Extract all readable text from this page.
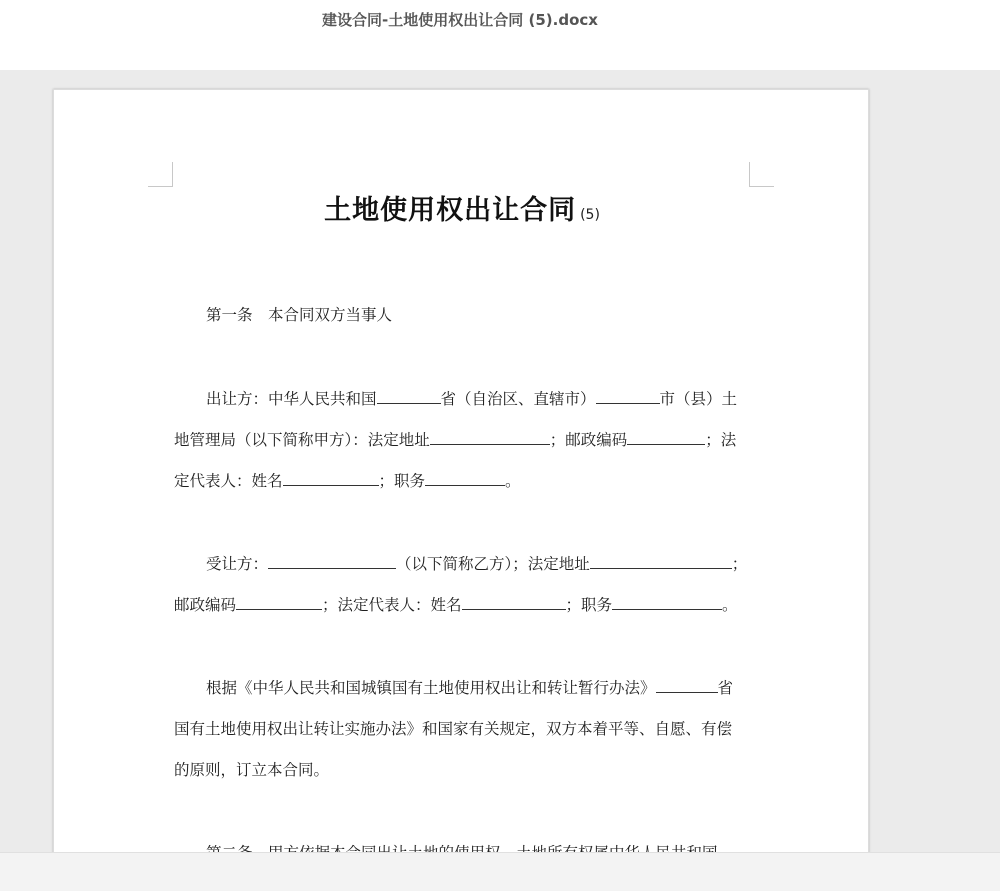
建设合同-土地使用权出让合同 (5).docx
土地使用权出让合同 (5)
第一条　本合同双方当事人
出让方：中华人民共和国	省（自治区、直辖市）	市（县）土
地管理局（以下简称甲方）：法定地址	；邮政编码	；法
定代表人：姓名	；职务	。
受让方：	（以下简称乙方）；法定地址	；
邮政编码	；法定代表人：姓名	；职务	。
根据《中华人民共和国城镇国有土地使用权出让和转让暂行办法》	省
国有土地使用权出让转让实施办法》和国家有关规定，双方本着平等、自愿、有偿
的原则，订立本合同。
